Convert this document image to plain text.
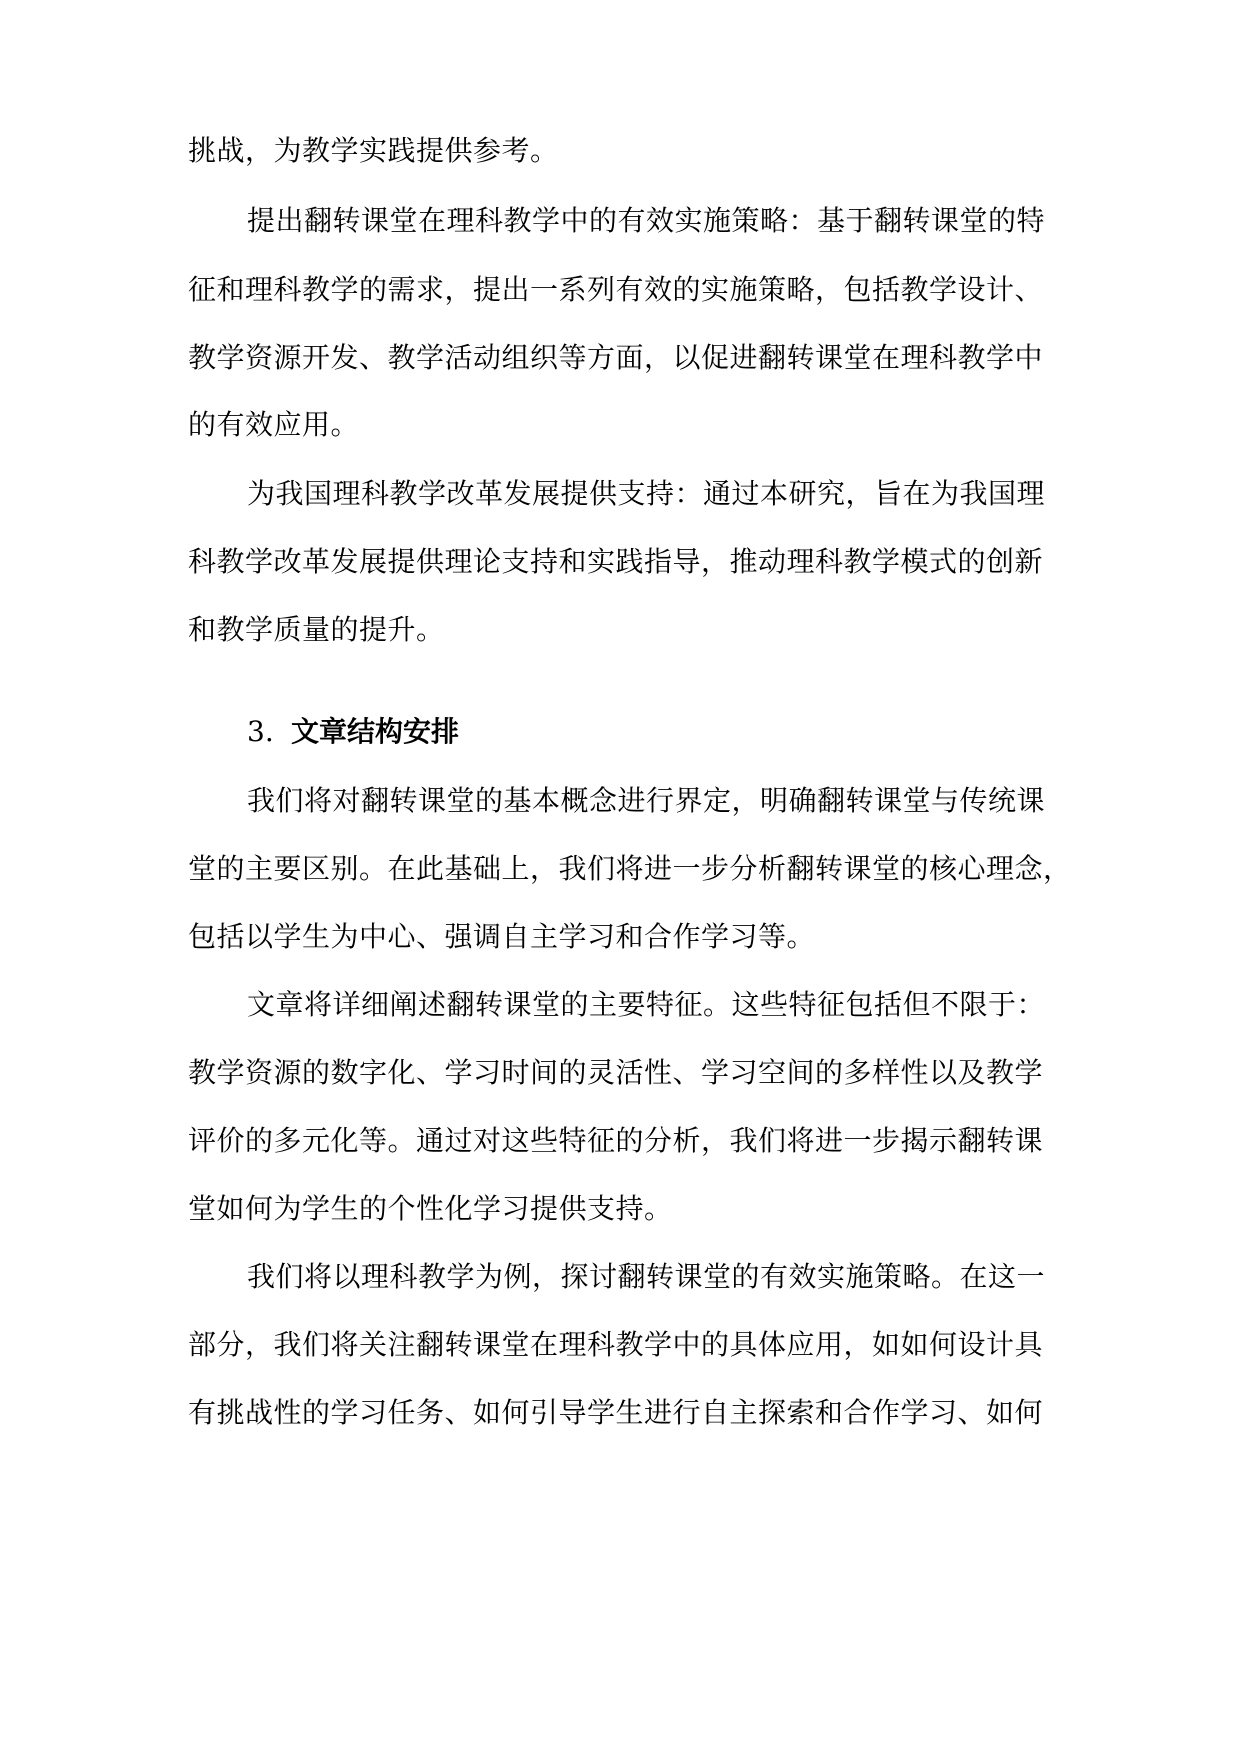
挑战，为教学实践提供参考。
提出翻转课堂在理科教学中的有效实施策略：基于翻转课堂的特
征和理科教学的需求，提出一系列有效的实施策略，包括教学设计、
教学资源开发、教学活动组织等方面，以促进翻转课堂在理科教学中
的有效应用。
为我国理科教学改革发展提供支持：通过本研究，旨在为我国理
科教学改革发展提供理论支持和实践指导，推动理科教学模式的创新
和教学质量的提升。
3. 文章结构安排
我们将对翻转课堂的基本概念进行界定，明确翻转课堂与传统课
堂的主要区别。在此基础上，我们将进一步分析翻转课堂的核心理念，
包括以学生为中心、强调自主学习和合作学习等。
文章将详细阐述翻转课堂的主要特征。这些特征包括但不限于：
教学资源的数字化、学习时间的灵活性、学习空间的多样性以及教学
评价的多元化等。通过对这些特征的分析，我们将进一步揭示翻转课
堂如何为学生的个性化学习提供支持。
我们将以理科教学为例，探讨翻转课堂的有效实施策略。在这一
部分，我们将关注翻转课堂在理科教学中的具体应用，如如何设计具
有挑战性的学习任务、如何引导学生进行自主探索和合作学习、如何
